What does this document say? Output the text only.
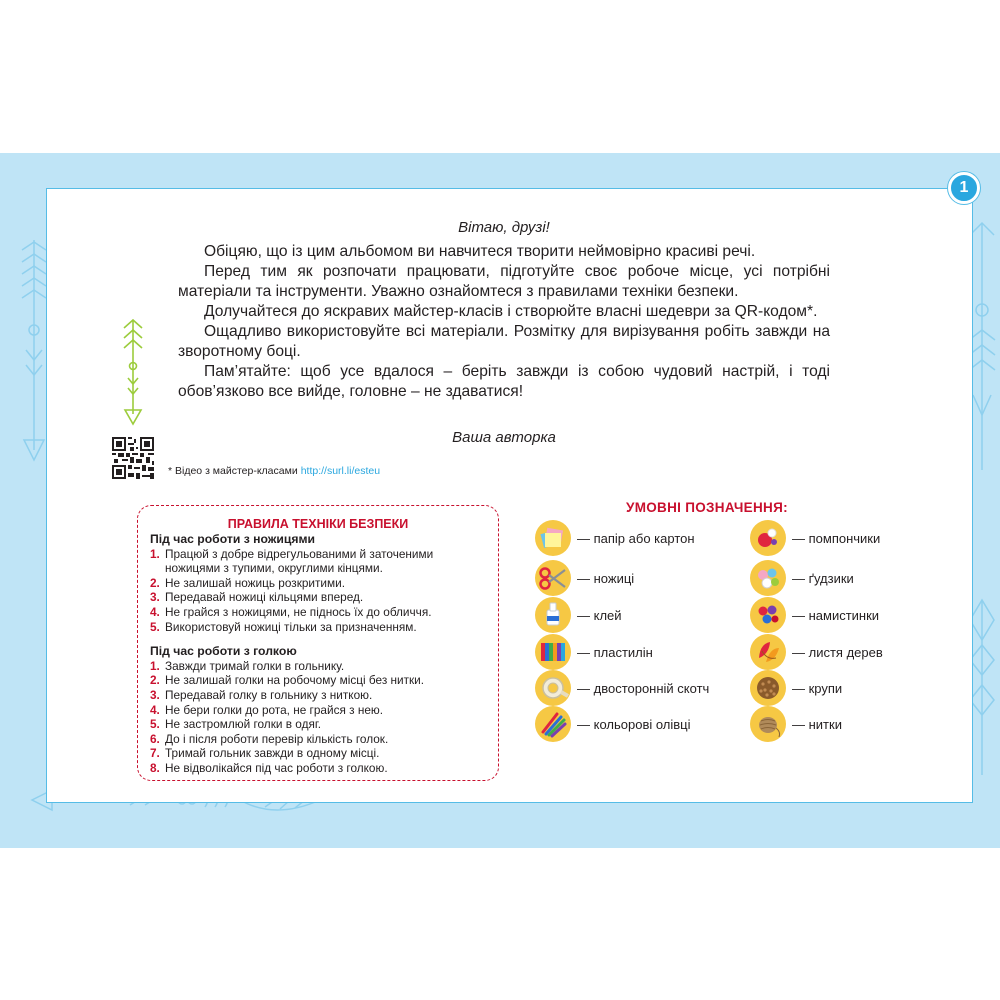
1
Вітаю, друзі!

Обіцяю, що із цим альбомом ви навчитеся творити неймовірно красиві речі.

Перед тим як розпочати працювати, підготуйте своє робоче місце, усі потрібні матеріали та інструменти. Уважно ознайомтеся з правилами техніки безпеки.

Долучайтеся до яскравих майстер-класів і створюйте власні шедеври за QR-кодом*.

Ощадливо використовуйте всі матеріали. Розмітку для вирізування робіть завжди на зворотному боці.

Пам’ятайте: щоб усе вдалося – беріть завжди із собою чудовий настрій, і тоді обов’язково все вийде, головне – не здаватися!

Ваша авторка
* Відео з майстер-класами http://surl.li/esteu
ПРАВИЛА ТЕХНІКИ БЕЗПЕКИ
Під час роботи з ножицями
1. Працюй з добре відрегульованими й заточеними ножицями з тупими, округлими кінцями.
2. Не залишай ножиць розкритими.
3. Передавай ножиці кільцями вперед.
4. Не грайся з ножицями, не піднось їх до обличчя.
5. Використовуй ножиці тільки за призначенням.
Під час роботи з голкою
1. Завжди тримай голки в гольнику.
2. Не залишай голки на робочому місці без нитки.
3. Передавай голку в гольнику з ниткою.
4. Не бери голки до рота, не грайся з нею.
5. Не застромлюй голки в одяг.
6. До і після роботи перевір кількість голок.
7. Тримай гольник завжди в одному місці.
8. Не відволікайся під час роботи з голкою.
УМОВНІ ПОЗНАЧЕННЯ:
— папір або картон
— ножиці
— клей
— пластилін
— двосторонній скотч
— кольорові олівці
— помпончики
— ґудзики
— намистинки
— листя дерев
— крупи
— нитки
